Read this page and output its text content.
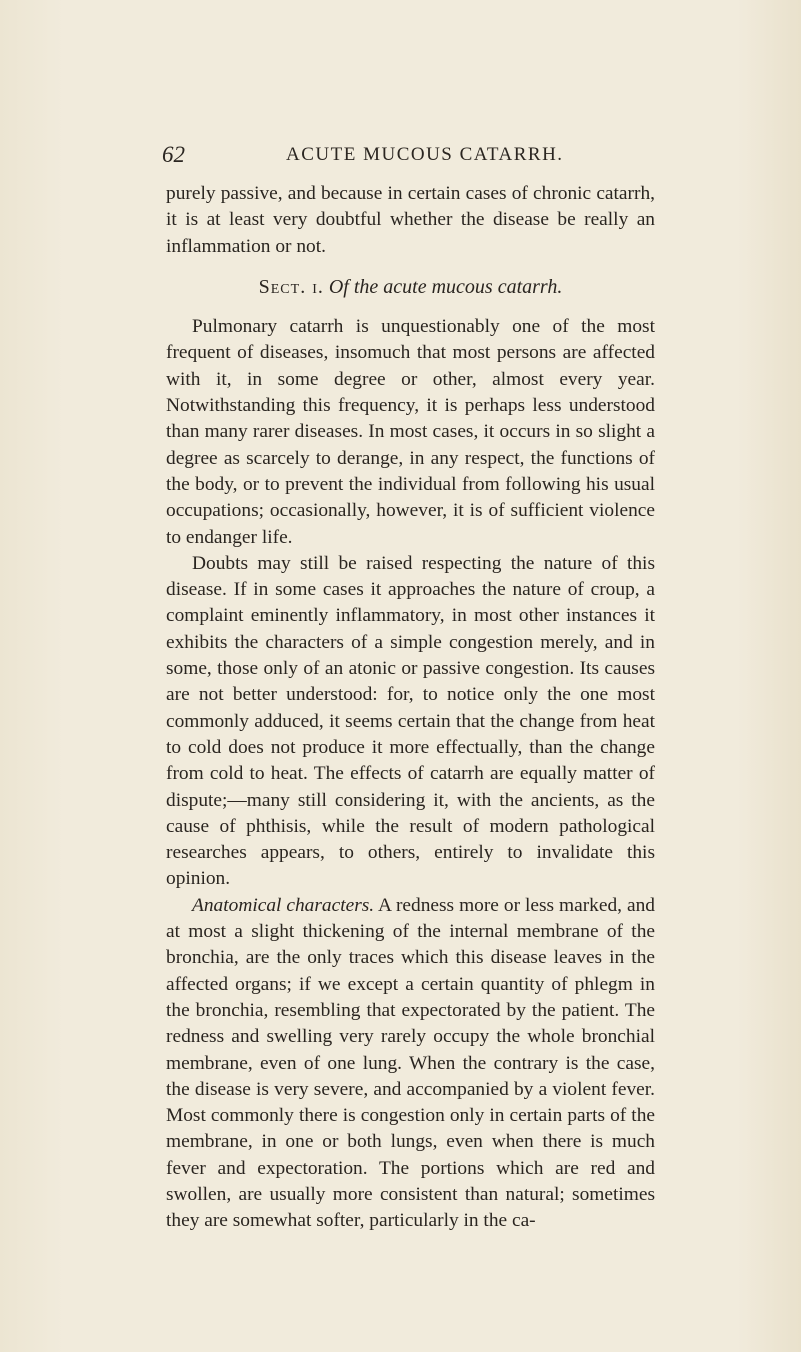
62	ACUTE MUCOUS CATARRH.

purely passive, and because in certain cases of chronic catarrh, it is at least very doubtful whether the disease be really an inflammation or not.

Sect. i. Of the acute mucous catarrh.

Pulmonary catarrh is unquestionably one of the most frequent of diseases, insomuch that most persons are affected with it, in some degree or other, almost every year. Notwithstanding this frequency, it is perhaps less understood than many rarer diseases. In most cases, it occurs in so slight a degree as scarcely to derange, in any respect, the functions of the body, or to prevent the individual from following his usual occupations; occasionally, however, it is of sufficient violence to endanger life.

Doubts may still be raised respecting the nature of this disease. If in some cases it approaches the nature of croup, a complaint eminently inflammatory, in most other instances it exhibits the characters of a simple congestion merely, and in some, those only of an atonic or passive congestion. Its causes are not better understood: for, to notice only the one most commonly adduced, it seems certain that the change from heat to cold does not produce it more effectually, than the change from cold to heat. The effects of catarrh are equally matter of dispute;—many still considering it, with the ancients, as the cause of phthisis, while the result of modern pathological researches appears, to others, entirely to invalidate this opinion.

Anatomical characters. A redness more or less marked, and at most a slight thickening of the internal membrane of the bronchia, are the only traces which this disease leaves in the affected organs; if we except a certain quantity of phlegm in the bronchia, resembling that expectorated by the patient. The redness and swelling very rarely occupy the whole bronchial membrane, even of one lung. When the contrary is the case, the disease is very severe, and accompanied by a violent fever. Most commonly there is congestion only in certain parts of the membrane, in one or both lungs, even when there is much fever and expectoration. The portions which are red and swollen, are usually more consistent than natural; sometimes they are somewhat softer, particularly in the ca-
